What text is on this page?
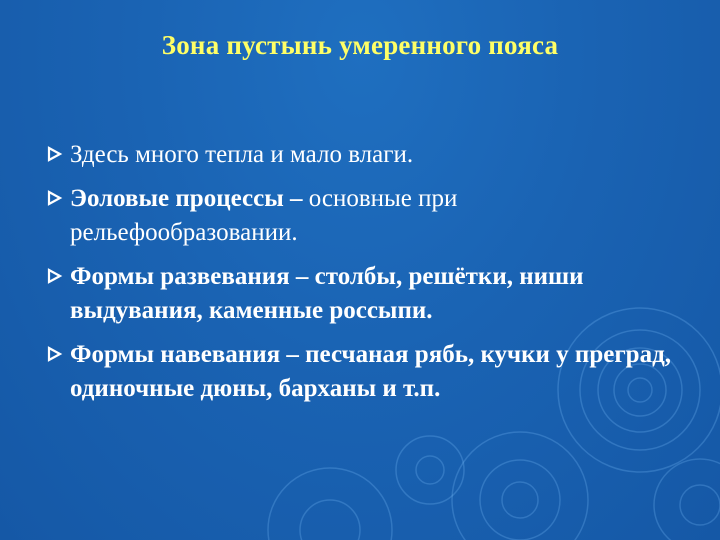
Зона пустынь умеренного пояса
Здесь много тепла и мало влаги.
Эоловые процессы – основные при рельефообразовании.
Формы развевания – столбы, решётки, ниши выдувания, каменные россыпи.
Формы навевания – песчаная рябь, кучки у преград, одиночные дюны, барханы и т.п.
